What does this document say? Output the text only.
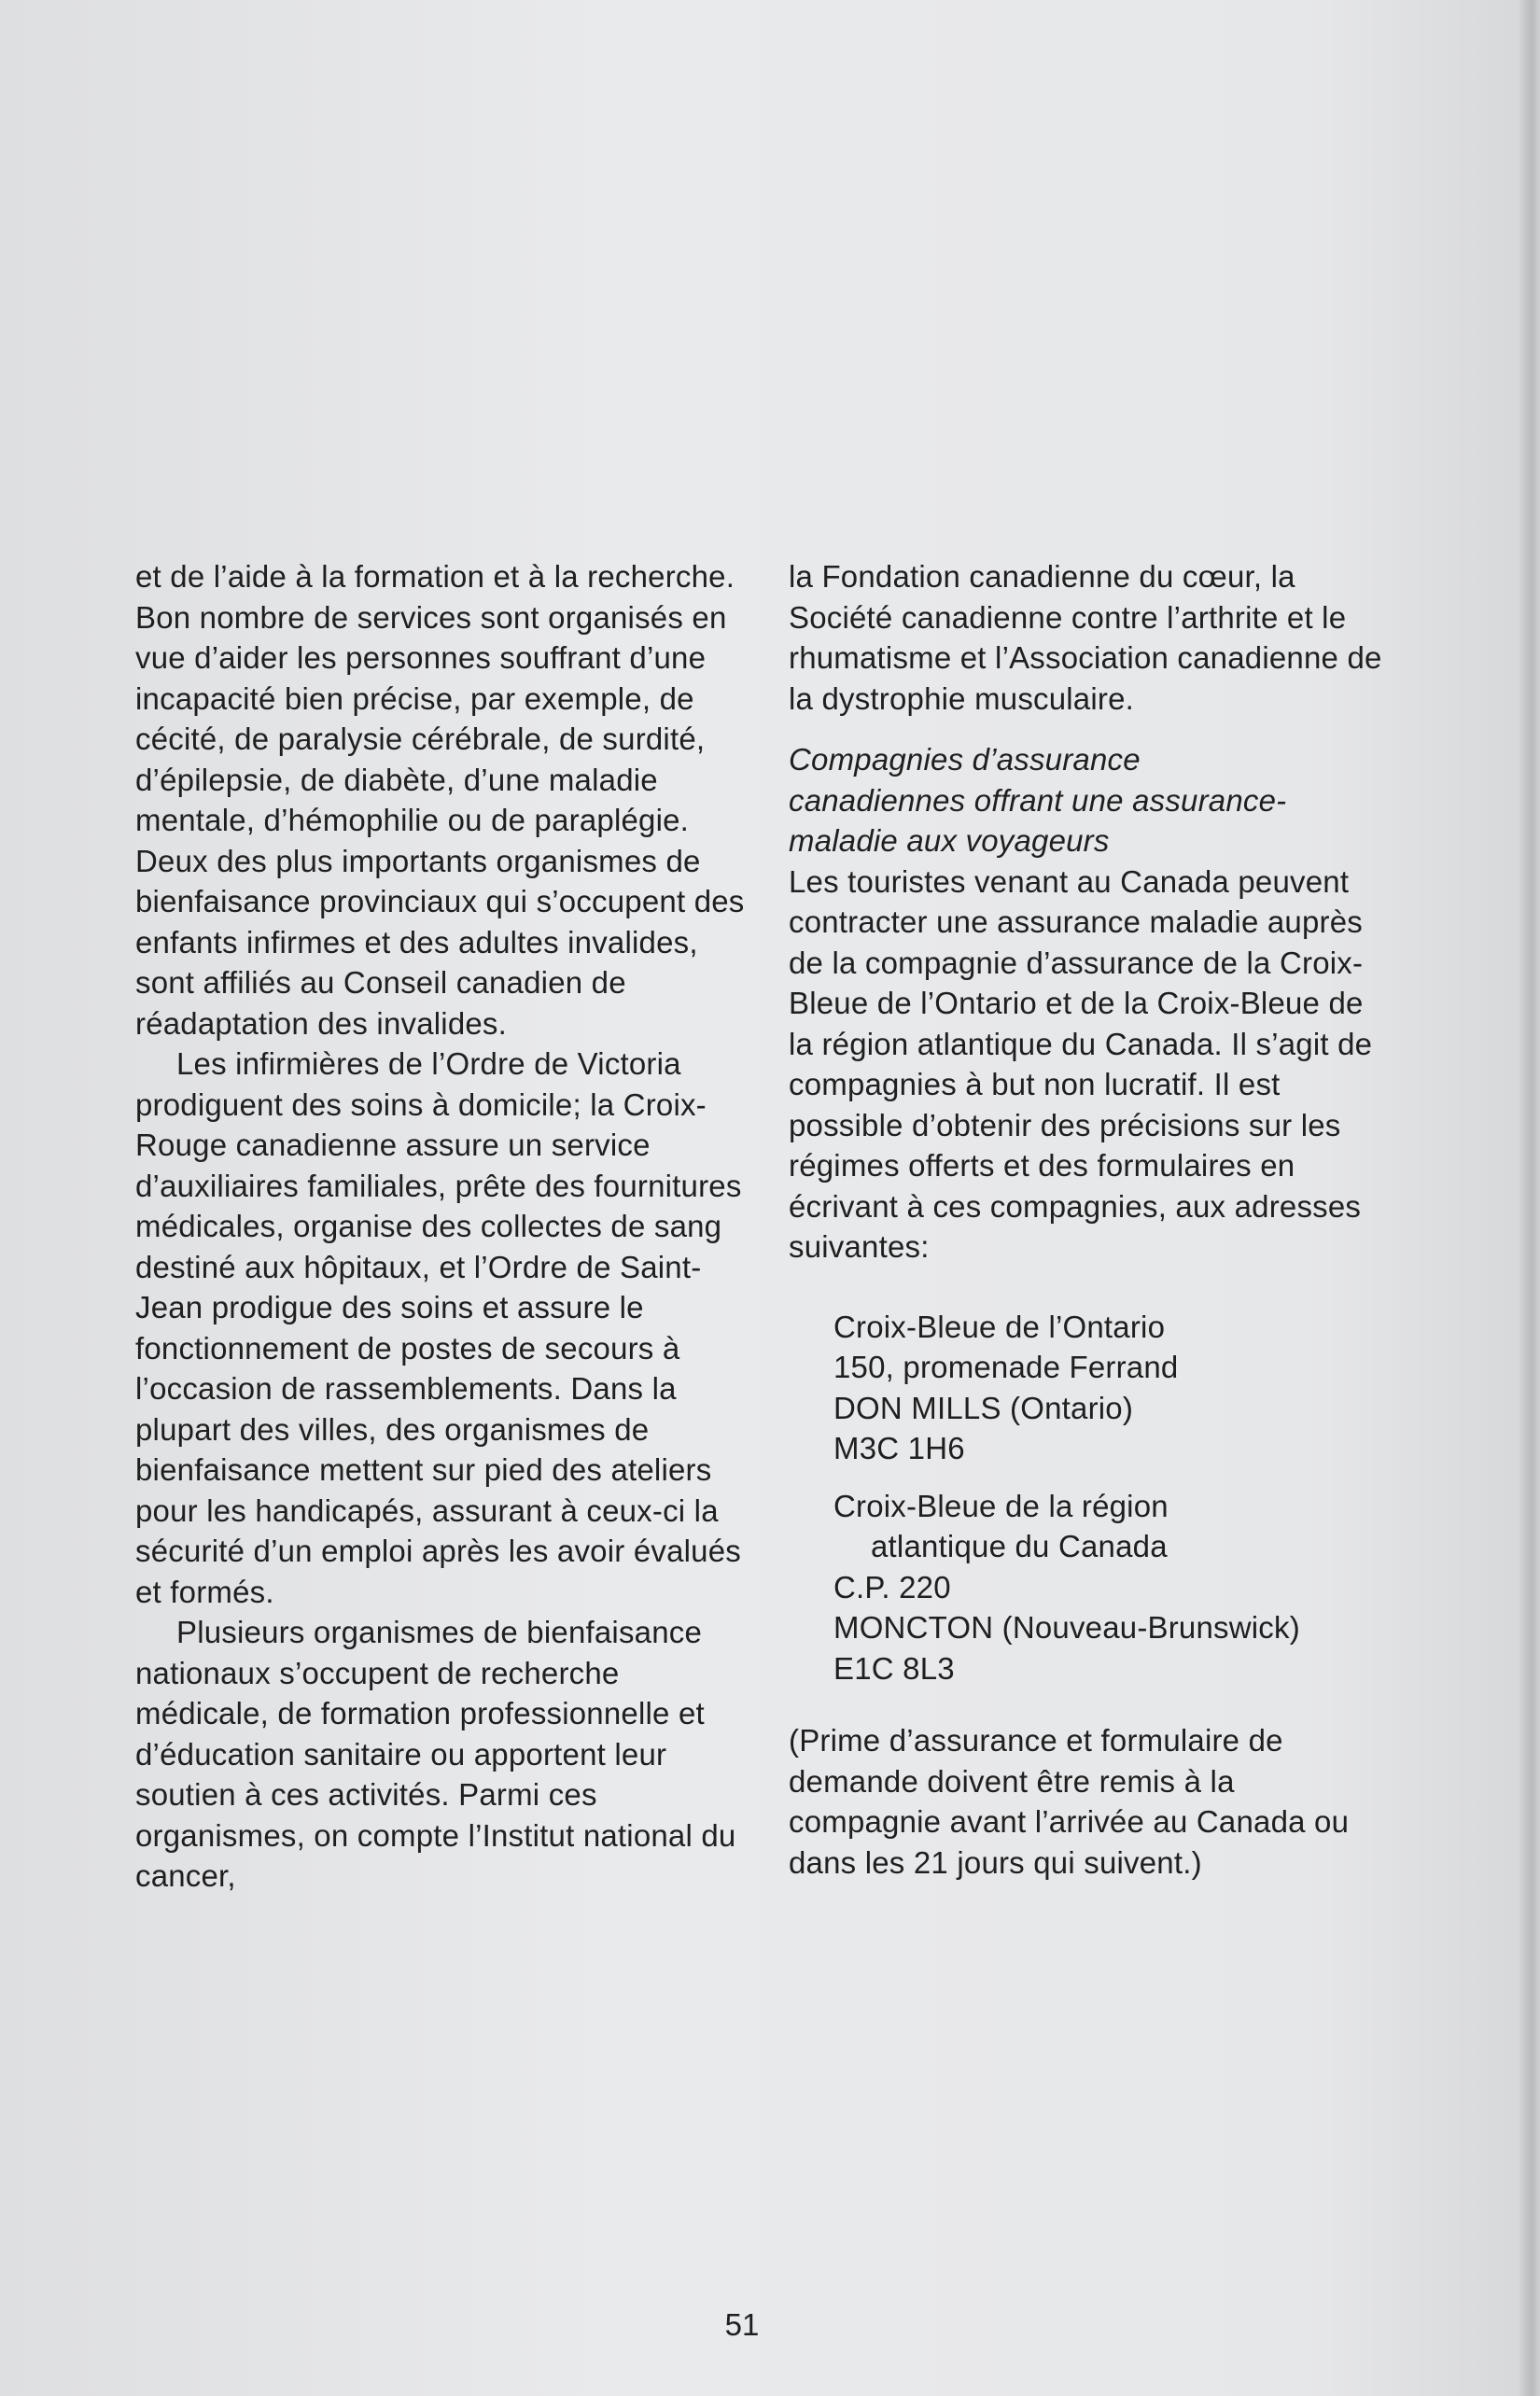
et de l’aide à la formation et à la recherche. Bon nombre de services sont organisés en vue d’aider les personnes souffrant d’une incapacité bien précise, par exemple, de cécité, de paralysie cérébrale, de surdité, d’épilepsie, de diabète, d’une maladie mentale, d’hémophilie ou de paraplégie. Deux des plus importants organismes de bienfaisance provinciaux qui s’occupent des enfants infirmes et des adultes invalides, sont affiliés au Conseil canadien de réadaptation des invalides.

Les infirmières de l’Ordre de Victoria prodiguent des soins à domicile; la Croix-Rouge canadienne assure un service d’auxiliaires familiales, prête des fournitures médicales, organise des collectes de sang destiné aux hôpitaux, et l’Ordre de Saint-Jean prodigue des soins et assure le fonctionnement de postes de secours à l’occasion de rassemblements. Dans la plupart des villes, des organismes de bienfaisance mettent sur pied des ateliers pour les handicapés, assurant à ceux-ci la sécurité d’un emploi après les avoir évalués et formés.

Plusieurs organismes de bienfaisance nationaux s’occupent de recherche médicale, de formation professionnelle et d’éducation sanitaire ou apportent leur soutien à ces activités. Parmi ces organismes, on compte l’Institut national du cancer,

la Fondation canadienne du cœur, la Société canadienne contre l’arthrite et le rhumatisme et l’Association canadienne de la dystrophie musculaire.

Compagnies d’assurance
canadiennes offrant une assurance-
maladie aux voyageurs

Les touristes venant au Canada peuvent contracter une assurance maladie auprès de la compagnie d’assurance de la Croix-Bleue de l’Ontario et de la Croix-Bleue de la région atlantique du Canada. Il s’agit de compagnies à but non lucratif. Il est possible d’obtenir des précisions sur les régimes offerts et des formulaires en écrivant à ces compagnies, aux adresses suivantes:

Croix-Bleue de l’Ontario
150, promenade Ferrand
DON MILLS (Ontario)
M3C 1H6
Croix-Bleue de la région
atlantique du Canada
C.P. 220
MONCTON (Nouveau-Brunswick)
E1C 8L3

(Prime d’assurance et formulaire de demande doivent être remis à la compagnie avant l’arrivée au Canada ou dans les 21 jours qui suivent.)

51
